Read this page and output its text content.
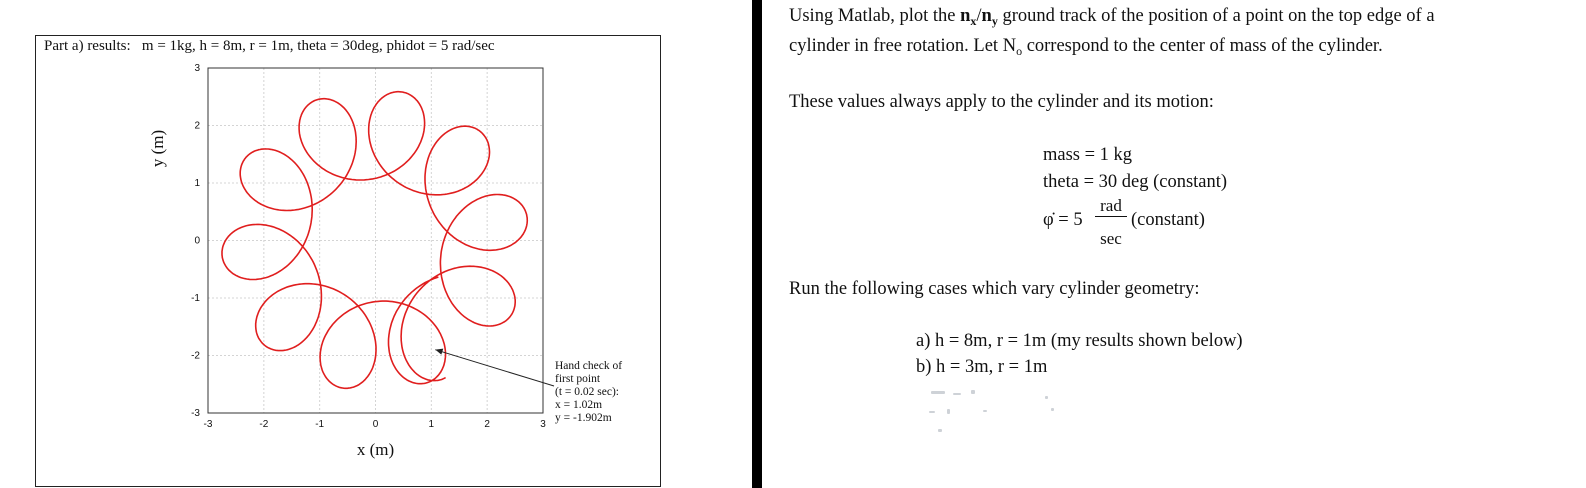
Part a) results:   m = 1kg, h = 8m, r = 1m, theta = 30deg, phidot = 5 rad/sec
-3	-2	-1	0	1	2	3
3
2
1
0
-1
-2
-3
x (m)
y (m)
Hand check of
first point
(t = 0.02 sec):
x = 1.02m
y = -1.902m
Using Matlab, plot the $n_x/n_y$ ground track of the position of a point on the top edge of a
cylinder in free rotation. Let $N_o$ correspond to the center of mass of the cylinder.
These values always apply to the cylinder and its motion:
mass = 1 kg
theta = 30 deg (constant)
φ̇ = 5
rad
sec
(constant)
Run the following cases which vary cylinder geometry:
a) h = 8m, r = 1m (my results shown below)
b) h = 3m, r = 1m
